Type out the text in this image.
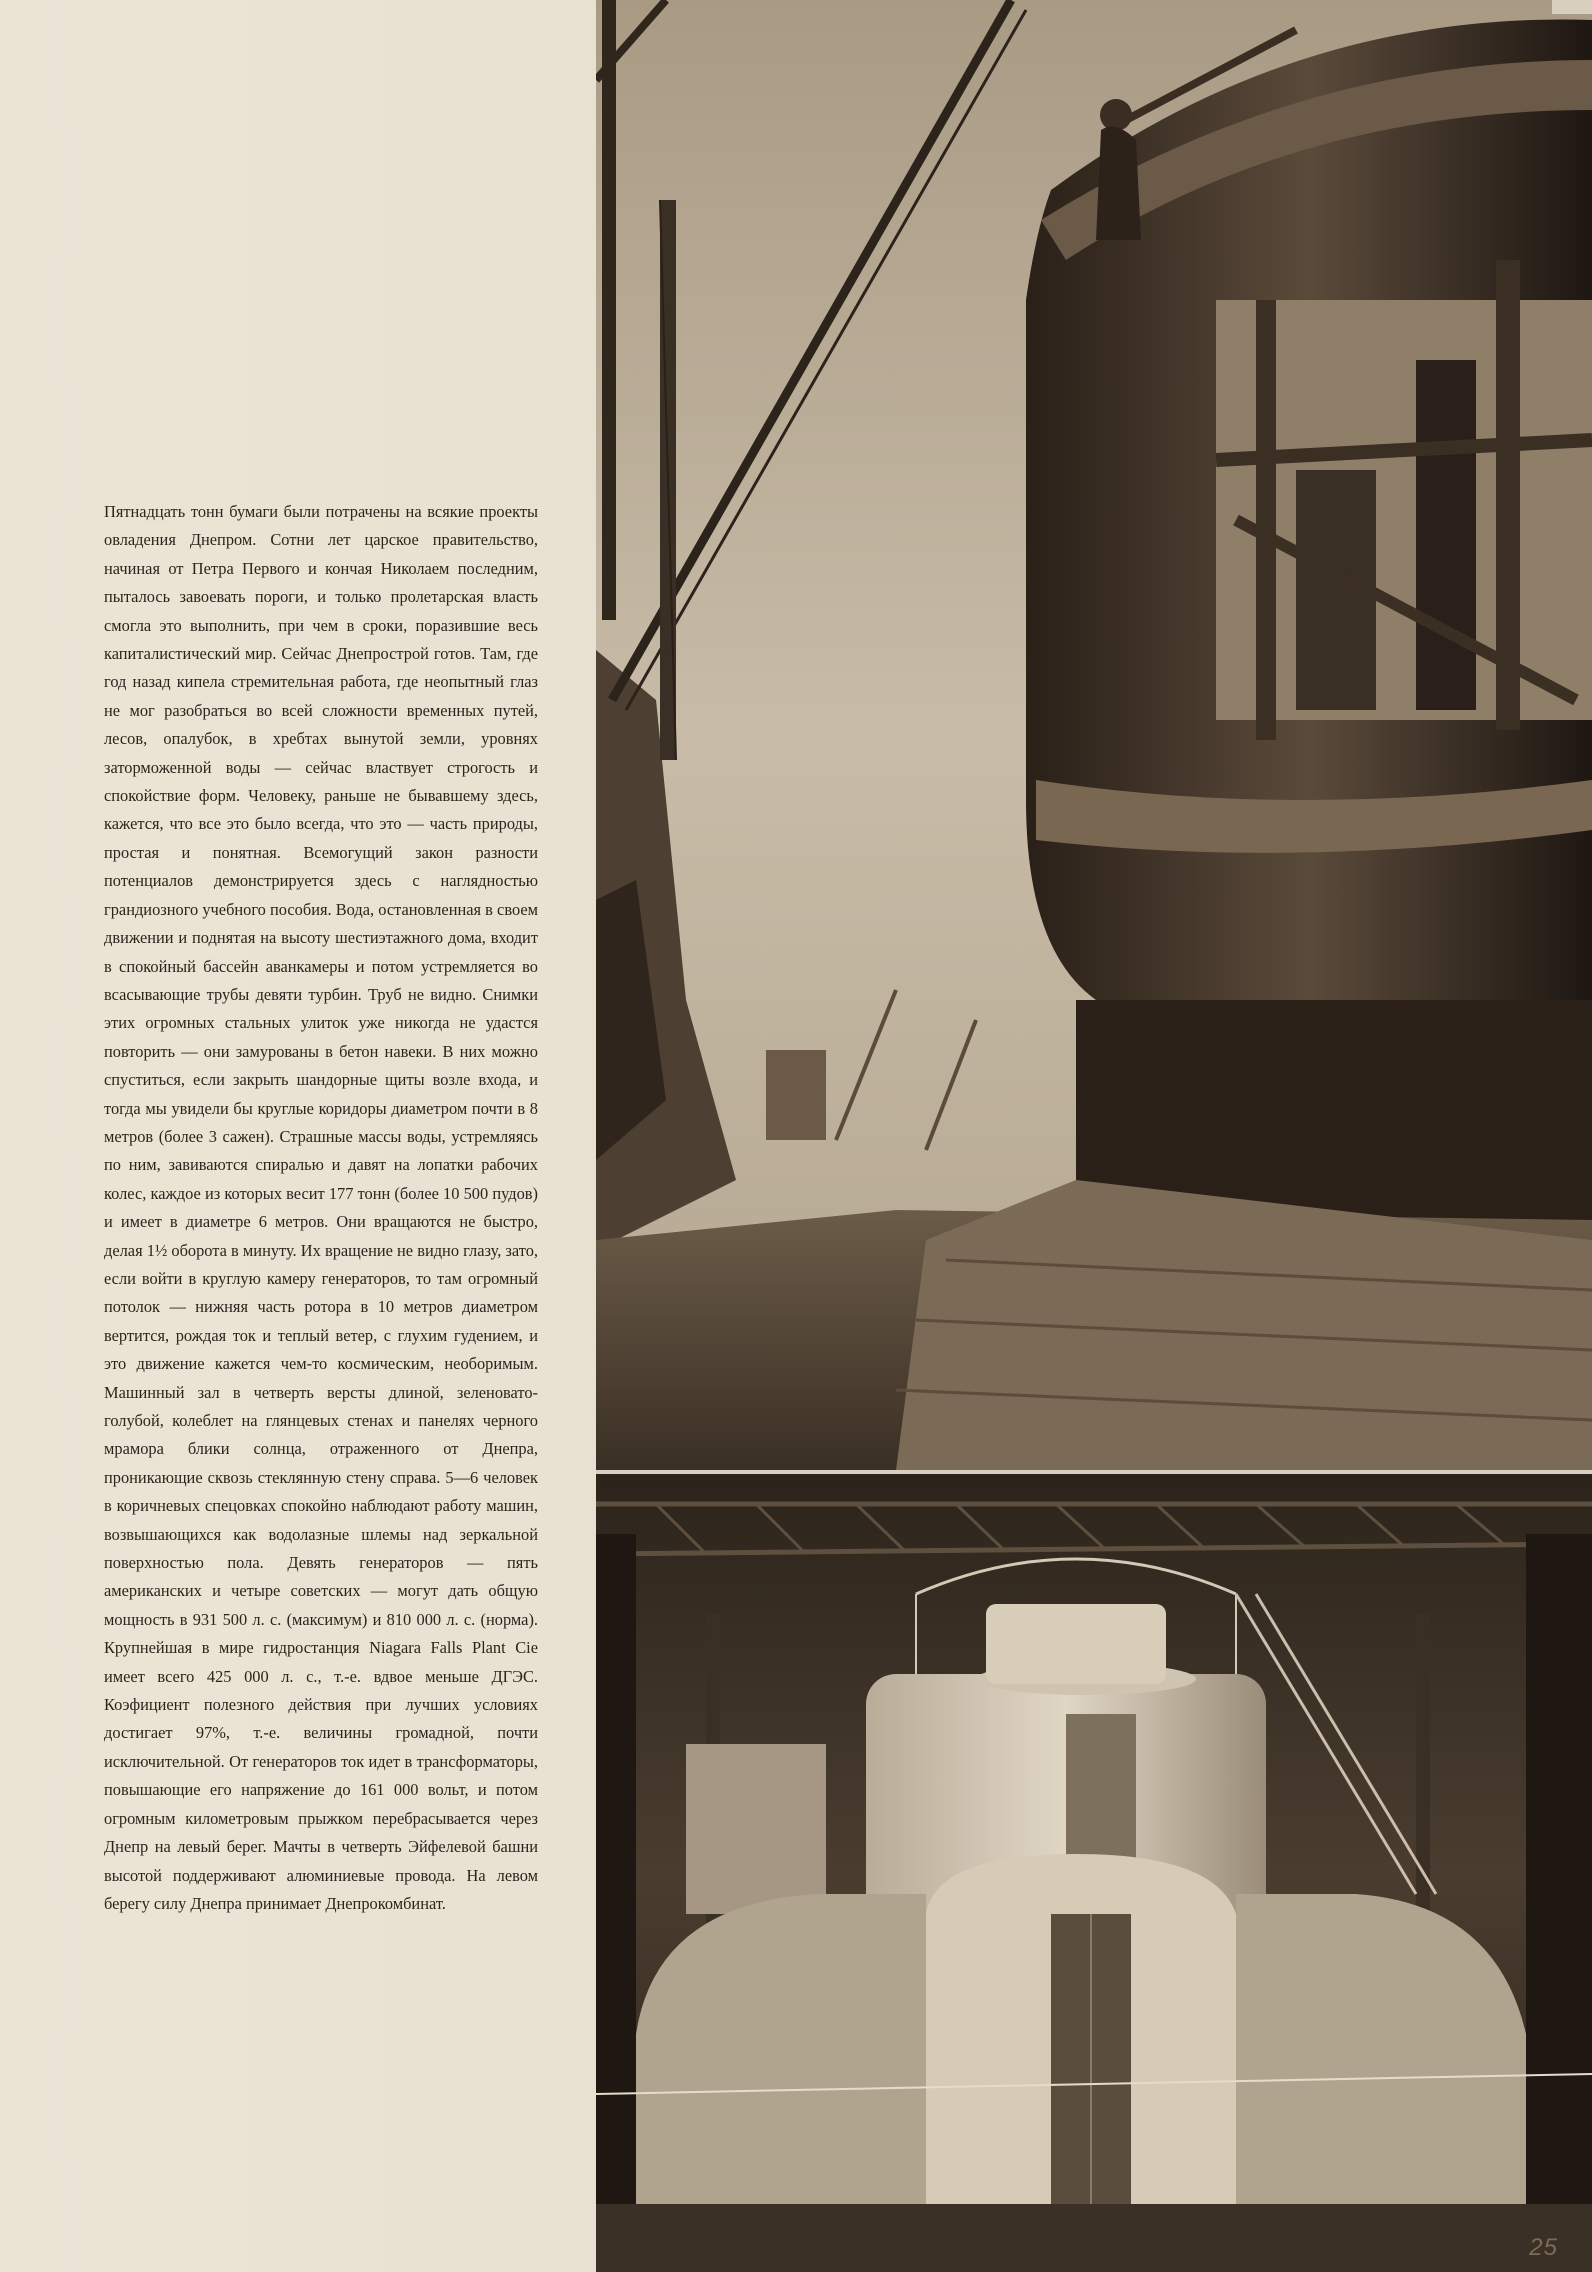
Пятнадцать тонн бумаги были потрачены на всякие проекты овладения Днепром. Сотни лет царское правительство, начиная от Петра Первого и кончая Николаем последним, пыталось завоевать пороги, и только пролетарская власть смогла это выполнить, при чем в сроки, поразившие весь капиталистический мир. Сейчас Днепрострой готов. Там, где год назад кипела стремительная работа, где неопытный глаз не мог разобраться во всей сложности временных путей, лесов, опалубок, в хребтах вынутой земли, уровнях заторможенной воды — сейчас властвует строгость и спокойствие форм. Человеку, раньше не бывавшему здесь, кажется, что все это было всегда, что это — часть природы, простая и понятная. Всемогущий закон разности потенциалов демонстрируется здесь с наглядностью грандиозного учебного пособия. Вода, остановленная в своем движении и поднятая на высоту шестиэтажного дома, входит в спокойный бассейн аванкамеры и потом устремляется во всасывающие трубы девяти турбин. Труб не видно. Снимки этих огромных стальных улиток уже никогда не удастся повторить — они замурованы в бетон навеки. В них можно спуститься, если закрыть шандорные щиты возле входа, и тогда мы увидели бы круглые коридоры диаметром почти в 8 метров (более 3 сажен). Страшные массы воды, устремляясь по ним, завиваются спиралью и давят на лопатки рабочих колес, каждое из которых весит 177 тонн (более 10 500 пудов) и имеет в диаметре 6 метров. Они вращаются не быстро, делая 1½ оборота в минуту. Их вращение не видно глазу, зато, если войти в круглую камеру генераторов, то там огромный потолок — нижняя часть ротора в 10 метров диаметром вертится, рождая ток и теплый ветер, с глухим гудением, и это движение кажется чем-то космическим, необоримым. Машинный зал в четверть версты длиной, зеленовато-голубой, колеблет на глянцевых стенах и панелях черного мрамора блики солнца, отраженного от Днепра, проникающие сквозь стеклянную стену справа. 5—6 человек в коричневых спецовках спокойно наблюдают работу машин, возвышающихся как водолазные шлемы над зеркальной поверхностью пола. Девять генераторов — пять американских и четыре советских — могут дать общую мощность в 931 500 л. с. (максимум) и 810 000 л. с. (норма). Крупнейшая в мире гидростанция Niagara Falls Plant Cie имеет всего 425 000 л. с., т.-е. вдвое меньше ДГЭС. Коэфициент полезного действия при лучших условиях достигает 97%, т.-е. величины громадной, почти исключительной. От генераторов ток идет в трансформаторы, повышающие его напряжение до 161 000 вольт, и потом огромным километровым прыжком перебрасывается через Днепр на левый берег. Мачты в четверть Эйфелевой башни высотой поддерживают алюминиевые провода. На левом берегу силу Днепра принимает Днепрокомбинат.
25
